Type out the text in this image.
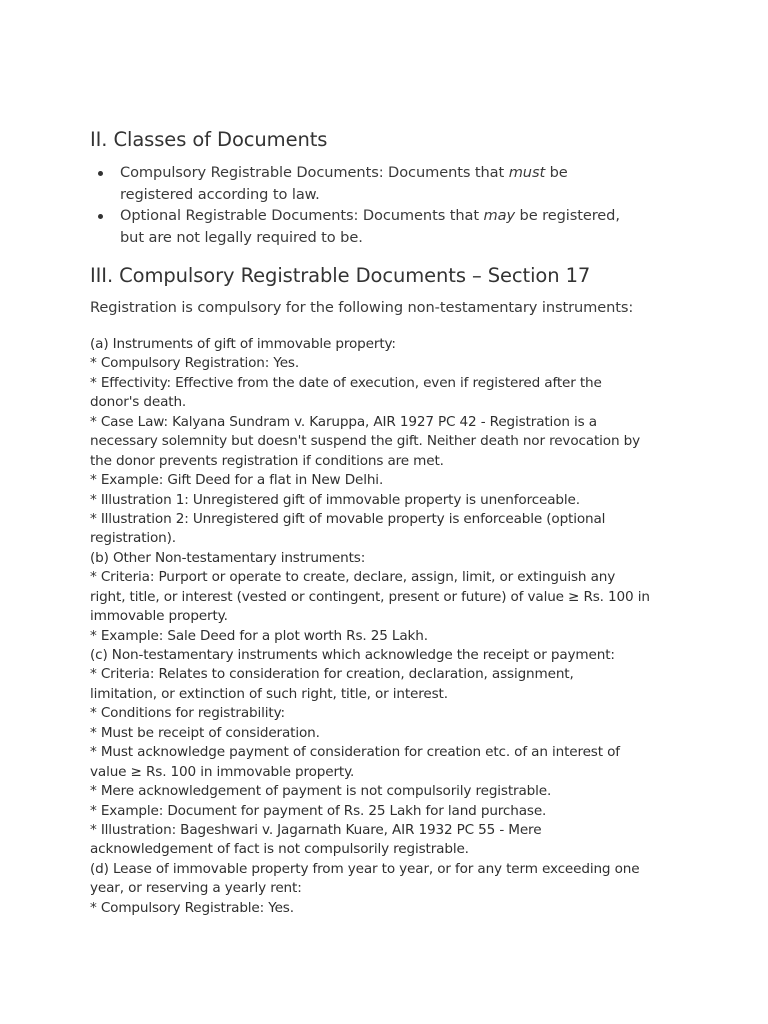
II. Classes of Documents
Compulsory Registrable Documents: Documents that must be
registered according to law.
Optional Registrable Documents: Documents that may be registered,
but are not legally required to be.
III. Compulsory Registrable Documents – Section 17

Registration is compulsory for the following non-testamentary instruments:

(a) Instruments of gift of immovable property:
* Compulsory Registration: Yes.
* Effectivity: Effective from the date of execution, even if registered after the
donor's death.
* Case Law: Kalyana Sundram v. Karuppa, AIR 1927 PC 42 - Registration is a
necessary solemnity but doesn't suspend the gift. Neither death nor revocation by
the donor prevents registration if conditions are met.
* Example: Gift Deed for a flat in New Delhi.
* Illustration 1: Unregistered gift of immovable property is unenforceable.
* Illustration 2: Unregistered gift of movable property is enforceable (optional
registration).
(b) Other Non-testamentary instruments:
* Criteria: Purport or operate to create, declare, assign, limit, or extinguish any
right, title, or interest (vested or contingent, present or future) of value ≥ Rs. 100 in
immovable property.
* Example: Sale Deed for a plot worth Rs. 25 Lakh.
(c) Non-testamentary instruments which acknowledge the receipt or payment:
* Criteria: Relates to consideration for creation, declaration, assignment,
limitation, or extinction of such right, title, or interest.
* Conditions for registrability:
* Must be receipt of consideration.
* Must acknowledge payment of consideration for creation etc. of an interest of
value ≥ Rs. 100 in immovable property.
* Mere acknowledgement of payment is not compulsorily registrable.
* Example: Document for payment of Rs. 25 Lakh for land purchase.
* Illustration: Bageshwari v. Jagarnath Kuare, AIR 1932 PC 55 - Mere
acknowledgement of fact is not compulsorily registrable.
(d) Lease of immovable property from year to year, or for any term exceeding one
year, or reserving a yearly rent:
* Compulsory Registrable: Yes.
